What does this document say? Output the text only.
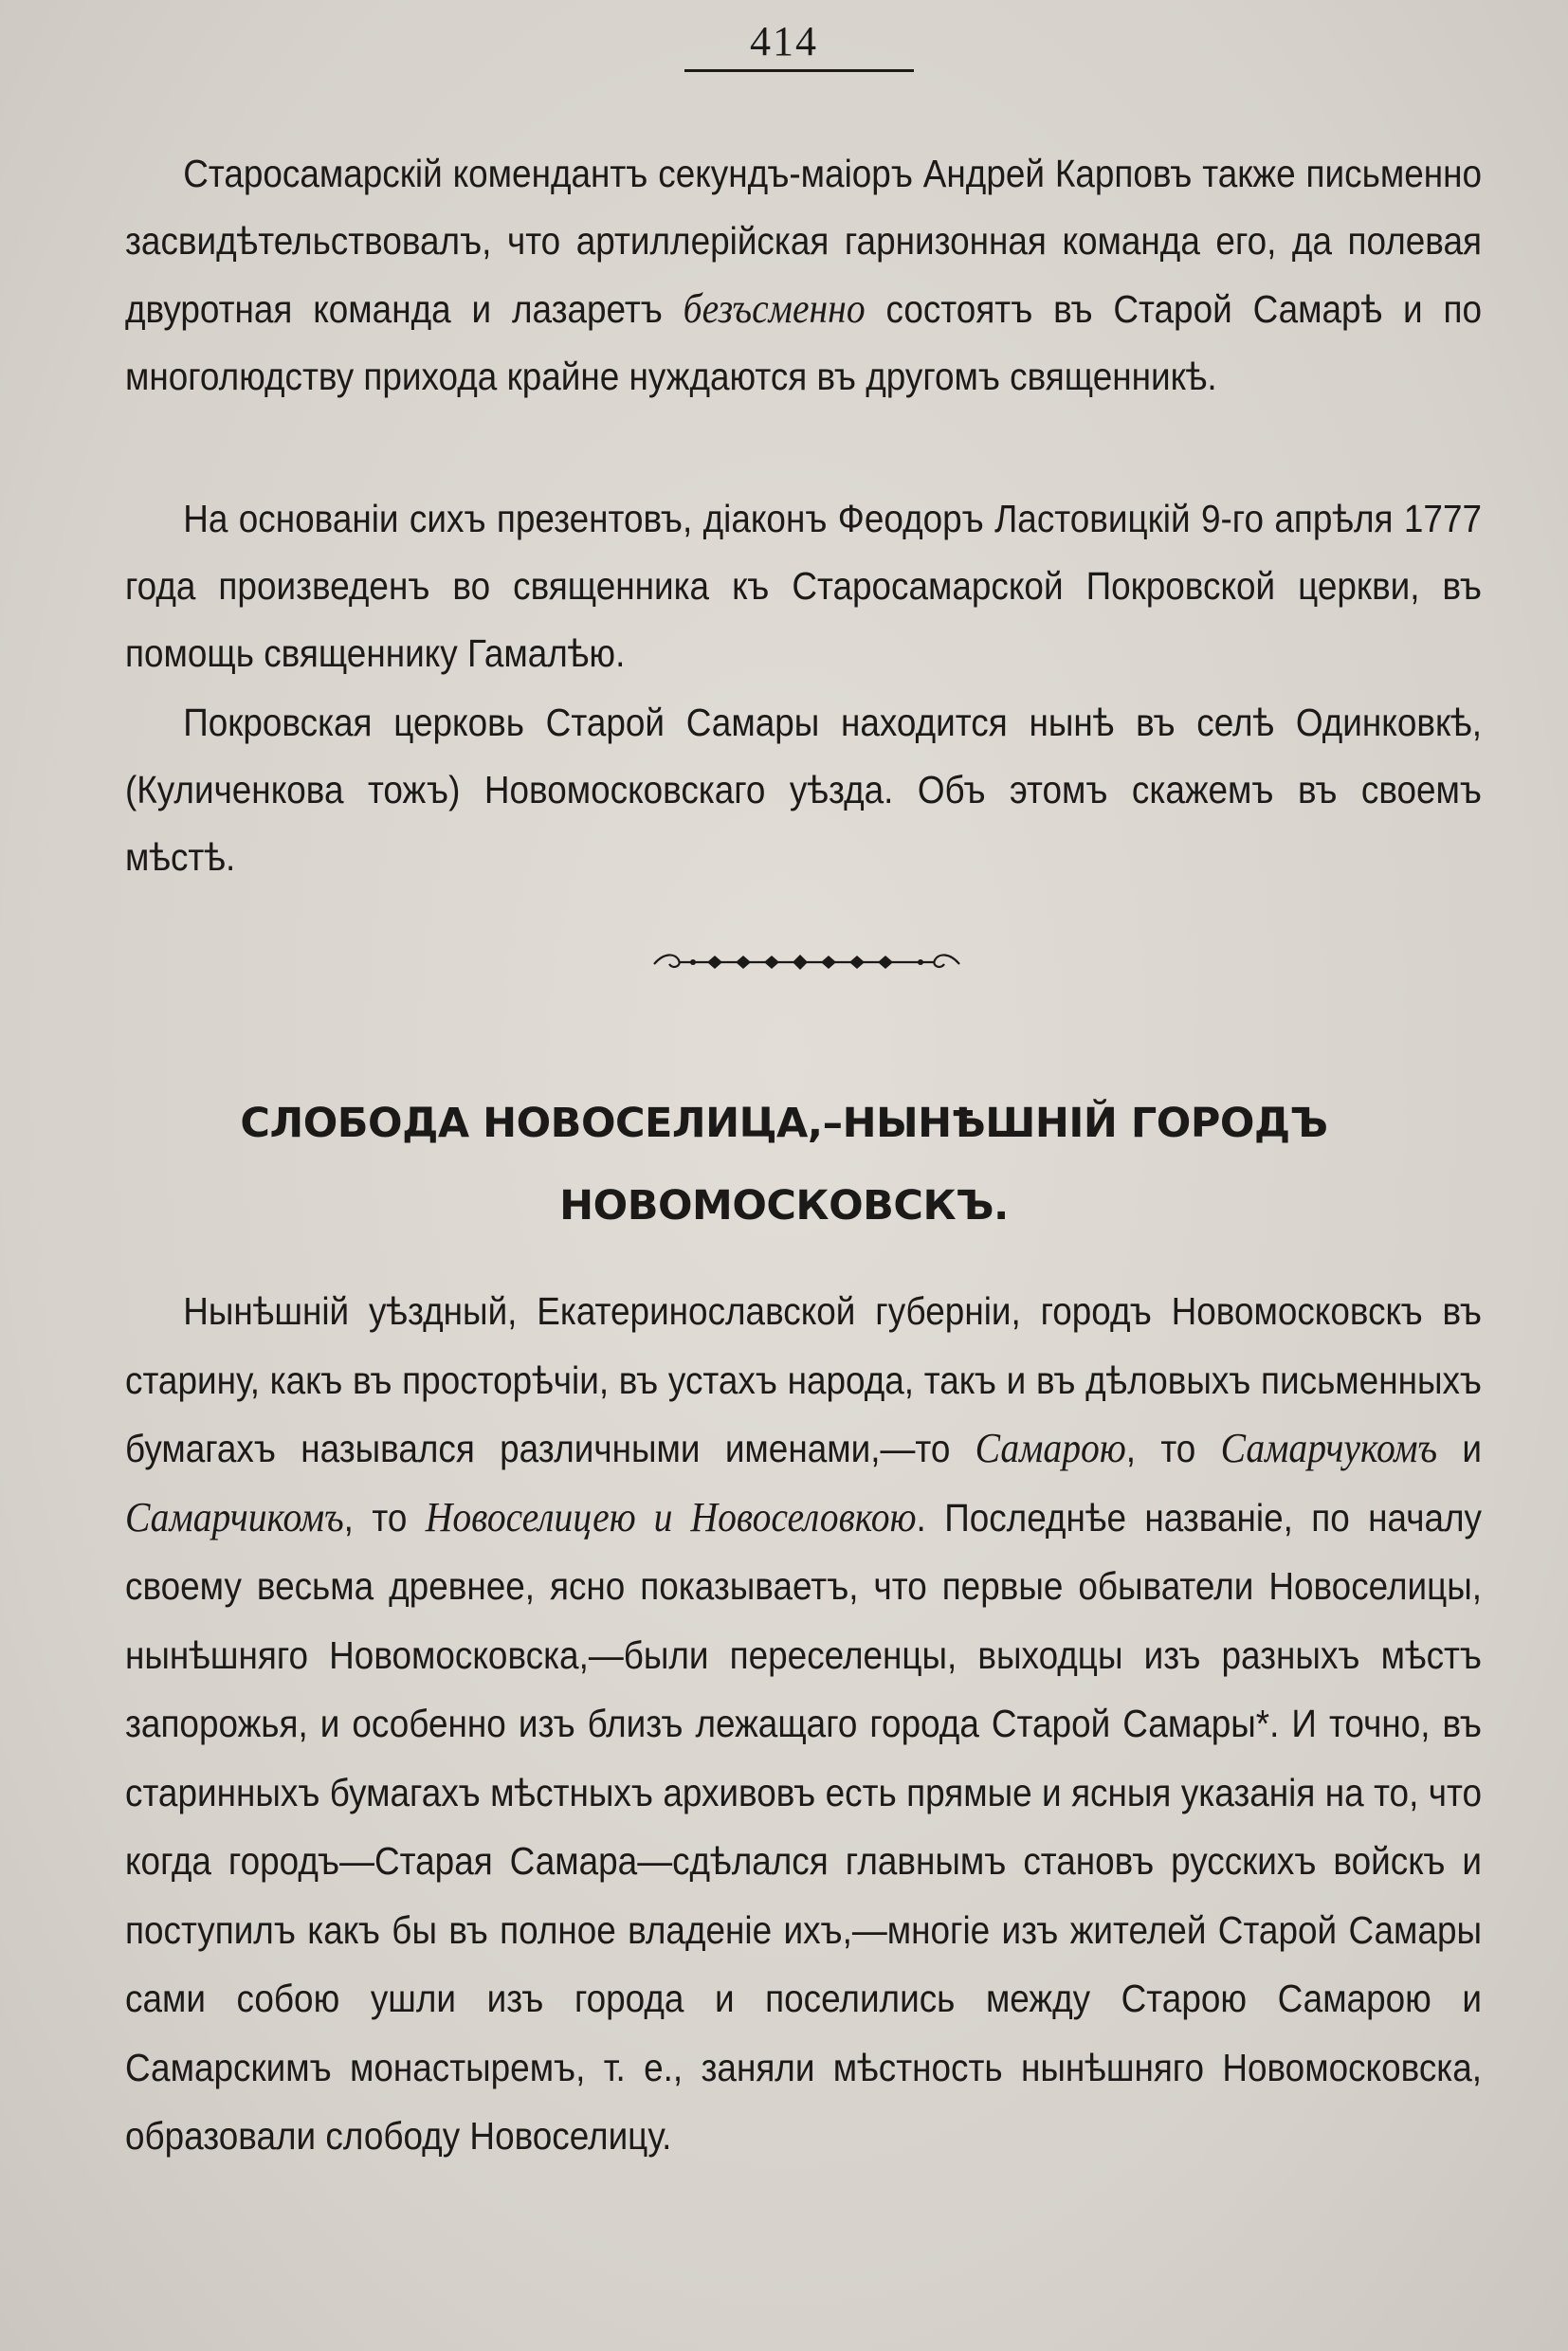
414

Старосамарскій комендантъ секундъ-маіоръ Андрей Карповъ также письменно засвидѣтельствовалъ, что артиллерійская гарнизонная команда его, да полевая двуротная команда и лазаретъ безъсменно состоятъ въ Старой Самарѣ и по многолюдству прихода крайне нуждаются въ другомъ священникѣ.

На основаніи сихъ презентовъ, діаконъ Феодоръ Ластовицкій 9-го апрѣля 1777 года произведенъ во священника къ Старосамарской Покровской церкви, въ помощь священнику Гамалѣю.

Покровская церковь Старой Самары находится нынѣ въ селѣ Одинковкѣ, (Куличенкова тожъ) Новомосковскаго уѣзда. Объ этомъ скажемъ въ своемъ мѣстѣ.

СЛОБОДА НОВОСЕЛИЦА,–НЫНѢШНІЙ ГОРОДЪ
НОВОМОСКОВСКЪ.

Нынѣшній уѣздный, Екатеринославской губерніи, городъ Новомосковскъ въ старину, какъ въ просторѣчіи, въ устахъ народа, такъ и въ дѣловыхъ письменныхъ бумагахъ назывался различными именами,—то Самарою, то Самарчукомъ и Самарчикомъ, то Новоселицею и Новоселовкою. Последнѣе названіе, по началу своему весьма древнее, ясно показываетъ, что первые обыватели Новоселицы, нынѣшняго Новомосковска,—были переселенцы, выходцы изъ разныхъ мѣстъ запорожья, и особенно изъ близъ лежащаго города Старой Самары*. И точно, въ старинныхъ бумагахъ мѣстныхъ архивовъ есть прямые и ясныя указанія на то, что когда городъ—Старая Самара—сдѣлался главнымъ становъ русскихъ войскъ и поступилъ какъ бы въ полное владеніе ихъ,—многіе изъ жителей Старой Самары сами собою ушли изъ города и поселились между Старою Самарою и Самарскимъ монастыремъ, т. е., заняли мѣстность нынѣшняго Новомосковска, образовали слободу Новоселицу.
